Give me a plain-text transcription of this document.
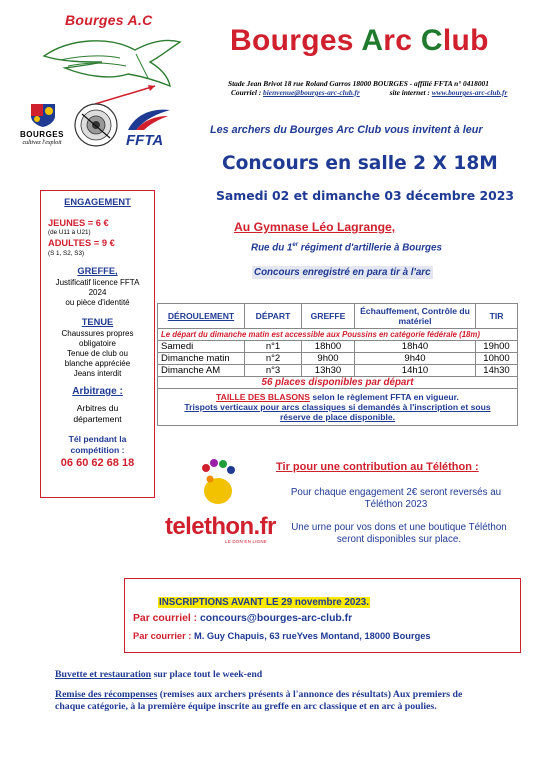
Bourges A.C
Bourges Arc Club
Stade Jean Brivot 18 rue Roland Garros 18000 BOURGES - affilié FFTA n° 0418001
Courriel : bienvenue@bourges-arc-club.fr	site internet : www.bourges-arc-club.fr
BOURGES
cultivez l'exploit	FFTA
Les archers du Bourges Arc Club vous invitent à leur
Concours en salle 2 X 18M
Samedi 02 et dimanche 03 décembre 2023
Au Gymnase Léo Lagrange,
Rue du 1er régiment d'artillerie à Bourges
Concours enregistré en para tir à l'arc
ENGAGEMENT
JEUNES = 6 €
(de U11 à U21)
ADULTES = 9 €
(S 1, S2, S3)
GREFFE,
Justificatif licence FFTA
2024
ou pièce d'identité
TENUE
Chaussures propres
obligatoire
Tenue de club ou
blanche appréciée
Jeans interdit
Arbitrage :
Arbitres du
département
Tél pendant la
compétition :
06 60 62 68 18
DÉROULEMENT	DÉPART	GREFFE	Échauffement, Contrôle du matériel	TIR
Le départ du dimanche matin est accessible aux Poussins en catégorie fédérale (18m)				
Samedi	n°1	18h00	18h40	19h00
Dimanche matin	n°2	9h00	9h40	10h00
Dimanche AM	n°3	13h30	14h10	14h30
56 places disponibles par départ				
TAILLE DES BLASONS selon le règlement FFTA en vigueur.
Trispots verticaux pour arcs classiques si demandés à l'inscription et sous
réserve de place disponible.				
Tir pour une contribution au Téléthon :
Pour chaque engagement 2€ seront reversés au
Téléthon 2023
telethon.fr
LE DON EN LIGNE
Une urne pour vos dons et une boutique Téléthon
seront disponibles sur place.
INSCRIPTIONS AVANT LE 29 novembre 2023.
Par courriel : concours@bourges-arc-club.fr
Par courrier : M. Guy Chapuis, 63 rueYves Montand, 18000 Bourges
Buvette et restauration sur place tout le week-end
Remise des récompenses (remises aux archers présents à l'annonce des résultats) Aux premiers de
chaque catégorie, à la première équipe inscrite au greffe en arc classique et en arc à poulies.
